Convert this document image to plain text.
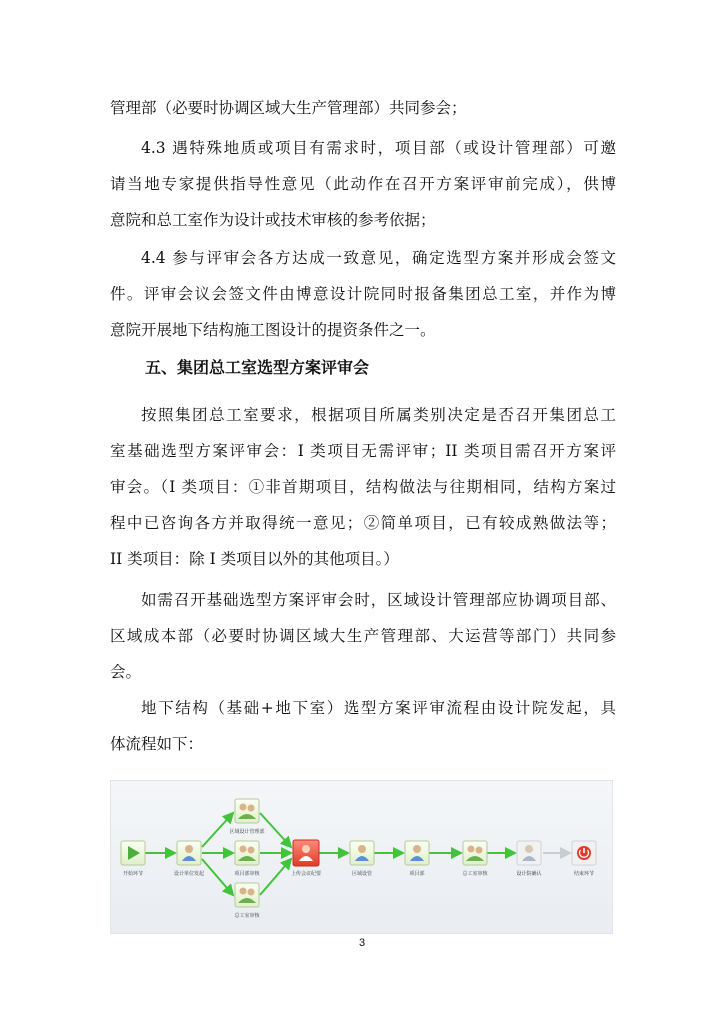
管理部（必要时协调区域大生产管理部）共同参会；
4.3 遇特殊地质或项目有需求时，项目部（或设计管理部）可邀
请当地专家提供指导性意见（此动作在召开方案评审前完成），供博
意院和总工室作为设计或技术审核的参考依据；
4.4 参与评审会各方达成一致意见，确定选型方案并形成会签文
件。评审会议会签文件由博意设计院同时报备集团总工室，并作为博
意院开展地下结构施工图设计的提资条件之一。
五、集团总工室选型方案评审会
按照集团总工室要求，根据项目所属类别决定是否召开集团总工
室基础选型方案评审会：I 类项目无需评审；II 类项目需召开方案评
审会。（I 类项目：①非首期项目，结构做法与往期相同，结构方案过
程中已咨询各方并取得统一意见；②简单项目，已有较成熟做法等；
II 类项目：除 I 类项目以外的其他项目。）
如需召开基础选型方案评审会时，区域设计管理部应协调项目部、
区域成本部（必要时协调区域大生产管理部、大运营等部门）共同参
会。
地下结构（基础+地下室）选型方案评审流程由设计院发起，具
体流程如下：
开始环节	设计单位发起
区域设计管理部
项目部审核
总工室审核
上传会议纪要	区域设管	项目部	总工室审核	设计院确认	结束环节
3
